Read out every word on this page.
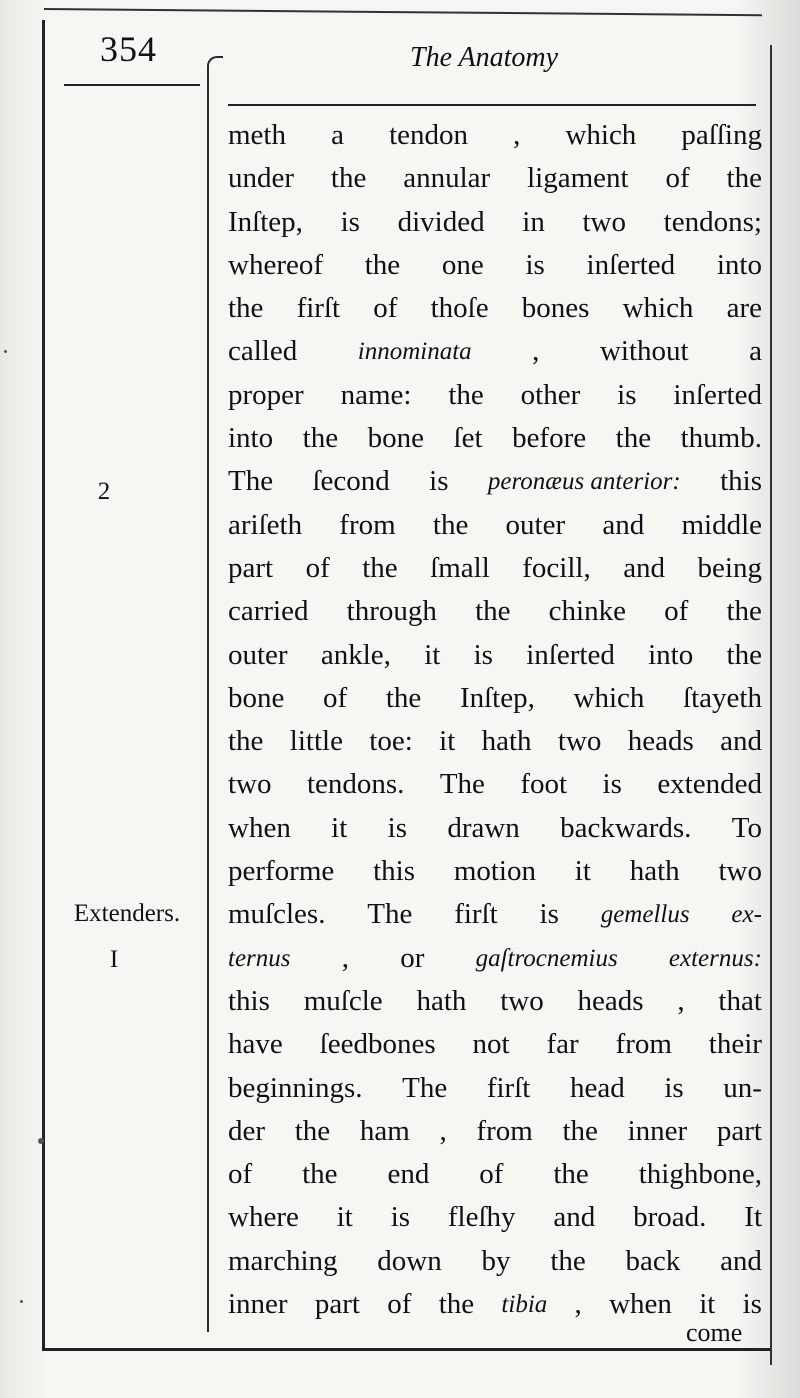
354	The Anatomy
2
Extenders.
I
meth a tendon , which paſſing
under the annular ligament of the
Inſtep, is divided in two tendons;
whereof the one is inſerted into
the firſt of thoſe bones which are
called innominata , without a
proper name: the other is inſerted
into the bone ſet before the thumb.
The ſecond is peronæus anterior: this
ariſeth from the outer and middle
part of the ſmall focill, and being
carried through the chinke of the
outer ankle, it is inſerted into the
bone of the Inſtep, which ſtayeth
the little toe: it hath two heads and
two tendons. The foot is extended
when it is drawn backwards. To
performe this motion it hath two
muſcles. The firſt is gemellus ex-
ternus , or gaſtrocnemius externus:
this muſcle hath two heads , that
have ſeedbones not far from their
beginnings. The firſt head is un-
der the ham , from the inner part
of the end of the thighbone,
where it is fleſhy and broad. It
marching down by the back and
inner part of the tibia , when it is
come
